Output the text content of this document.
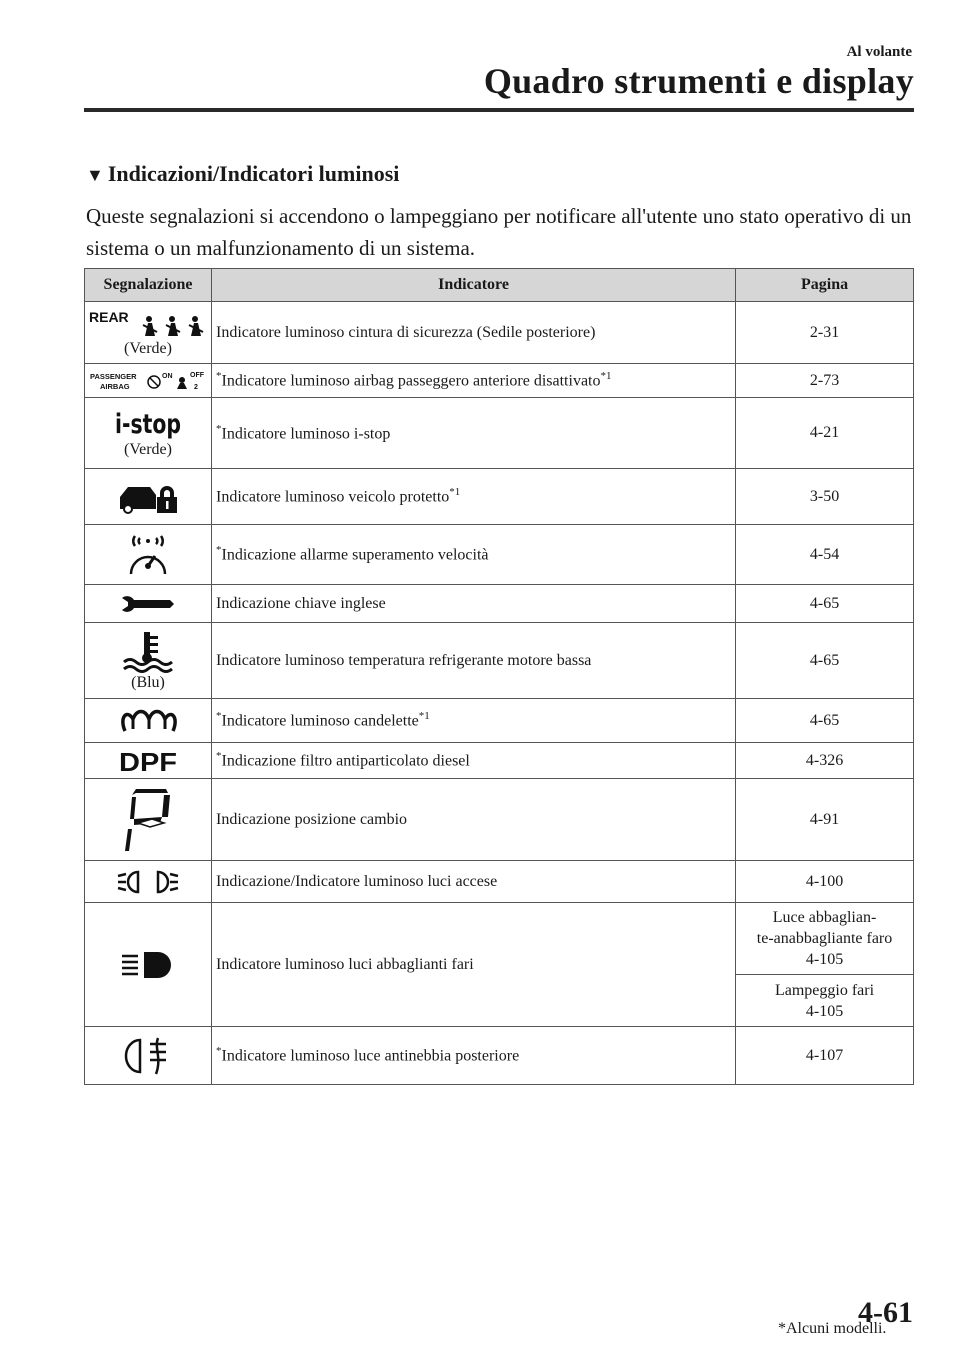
Al volante
Quadro strumenti e display
▼ Indicazioni/Indicatori luminosi
Queste segnalazioni si accendono o lampeggiano per notificare all'utente uno stato operativo di un sistema o un malfunzionamento di un sistema.
Segnalazione	Indicatore	Pagina

REAR
(Verde)	Indicatore luminoso cintura di sicurezza (Sedile posteriore)	2-31

PASSENGER
AIRBAG
ON OFF
2	*Indicatore luminoso airbag passeggero anteriore disattivato$^{*1}$	2-73

i-stop
(Verde)	*Indicatore luminoso i-stop	4-21

	Indicatore luminoso veicolo protetto$^{*1}$	3-50

	*Indicazione allarme superamento velocità	4-54

	Indicazione chiave inglese	4-65

(Blu)	Indicatore luminoso temperatura refrigerante motore bassa	4-65

	*Indicatore luminoso candelette$^{*1}$	4-65

DPF	*Indicazione filtro antiparticolato diesel	4-326

	Indicazione posizione cambio	4-91

	Indicazione/Indicatore luminoso luci accese	4-100

	Indicatore luminoso luci abbaglianti fari	Luce abbaglian-
te-anabbagliante faro
4-105
		Lampeggio fari
4-105

	*Indicatore luminoso luce antinebbia posteriore	4-107
*Alcuni modelli.
4-61
